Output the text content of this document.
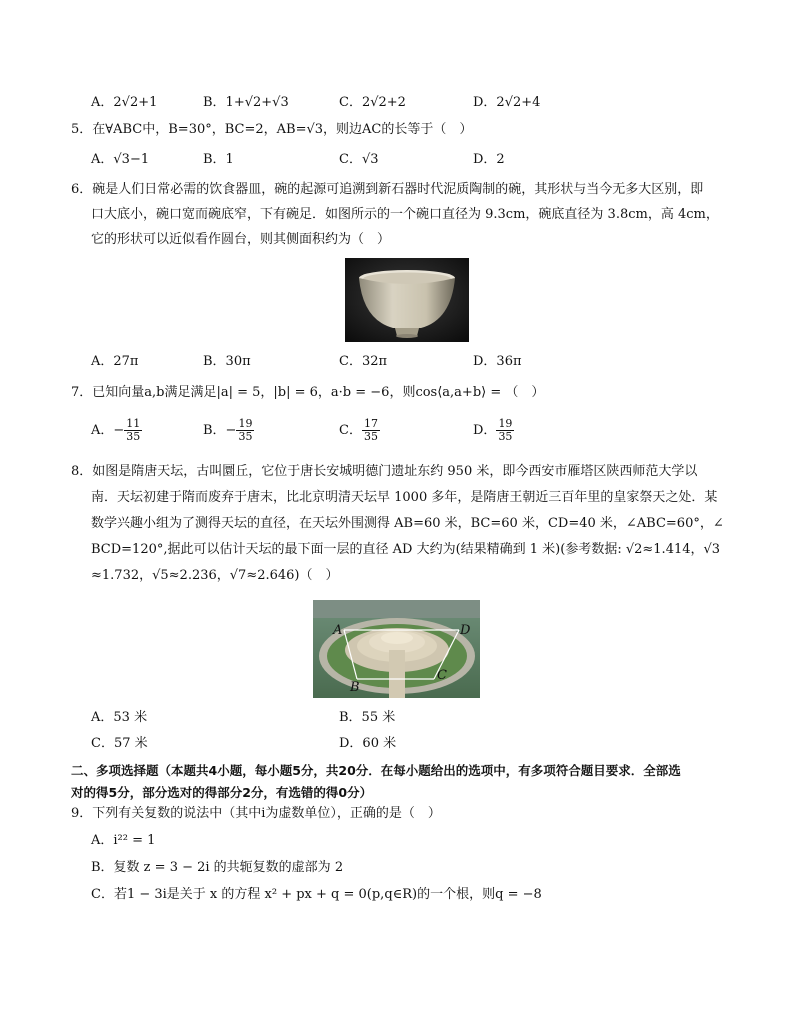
A．2√2+1	B．1+√2+√3	C．2√2+2	D．2√2+4
5．在∀ABC中，B=30°，BC=2，AB=√3，则边AC的长等于（　）
A．√3−1	B．1	C．√3	D．2
6．碗是人们日常必需的饮食器皿，碗的起源可追溯到新石器时代泥质陶制的碗，其形状与当今无多大区别，即
口大底小，碗口宽而碗底窄，下有碗足．如图所示的一个碗口直径为 9.3cm，碗底直径为 3.8cm，高 4cm，
它的形状可以近似看作圆台，则其侧面积约为（　）
A．27π	B．30π	C．32π	D．36π
7．已知向量a,b满足满足|a| = 5，|b| = 6，a·b = −6，则cos⟨a,a+b⟩ = （　）
A．− $\frac{11}{35}$	B．− $\frac{19}{35}$	C． $\frac{17}{35}$	D． $\frac{19}{35}$
8．如图是隋唐天坛，古叫圜丘，它位于唐长安城明德门遗址东约 950 米，即今西安市雁塔区陕西师范大学以
南．天坛初建于隋而废弃于唐末，比北京明清天坛早 1000 多年，是隋唐王朝近三百年里的皇家祭天之处．某
数学兴趣小组为了测得天坛的直径，在天坛外围测得 AB=60 米，BC=60 米，CD=40 米，∠ABC=60°，∠
BCD=120°,据此可以估计天坛的最下面一层的直径 AD 大约为(结果精确到 1 米)(参考数据: √2≈1.414，√3
≈1.732，√5≈2.236，√7≈2.646)（　）
A	D
B
C
A．53 米	B．55 米
C．57 米	D．60 米
二、多项选择题（本题共4小题，每小题5分，共20分．在每小题给出的选项中，有多项符合题目要求．全部选
对的得5分，部分选对的得部分2分，有选错的得0分）
9．下列有关复数的说法中（其中i为虚数单位），正确的是（　）
A．i²² = 1
B．复数 z = 3 − 2i 的共轭复数的虚部为 2
C．若1 − 3i是关于 x 的方程 x² + px + q = 0(p,q∈R)的一个根，则q = −8
